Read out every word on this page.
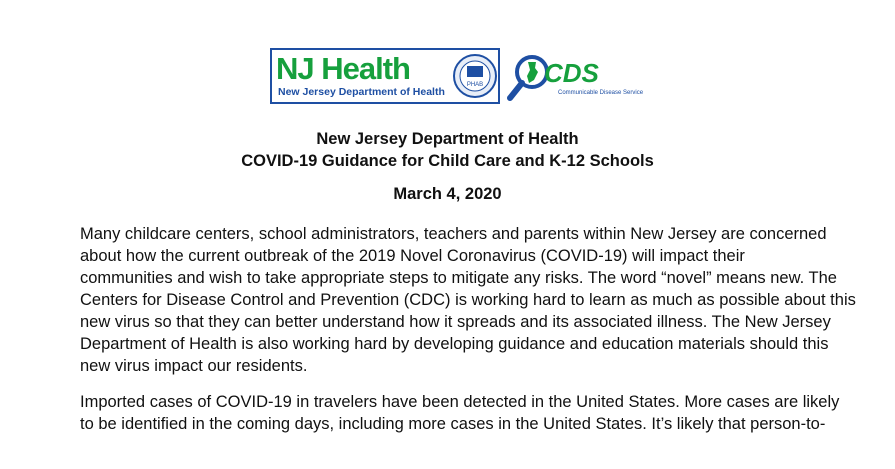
NJ Health
New Jersey Department of Health
PHAB CDS
Communicable Disease Service
New Jersey Department of Health
COVID-19 Guidance for Child Care and K-12 Schools
March 4, 2020
Many childcare centers, school administrators, teachers and parents within New Jersey are concerned
about how the current outbreak of the 2019 Novel Coronavirus (COVID-19) will impact their
communities and wish to take appropriate steps to mitigate any risks. The word “novel” means new. The
Centers for Disease Control and Prevention (CDC) is working hard to learn as much as possible about this
new virus so that they can better understand how it spreads and its associated illness. The New Jersey
Department of Health is also working hard by developing guidance and education materials should this
new virus impact our residents.
Imported cases of COVID-19 in travelers have been detected in the United States. More cases are likely
to be identified in the coming days, including more cases in the United States. It’s likely that person-to-
